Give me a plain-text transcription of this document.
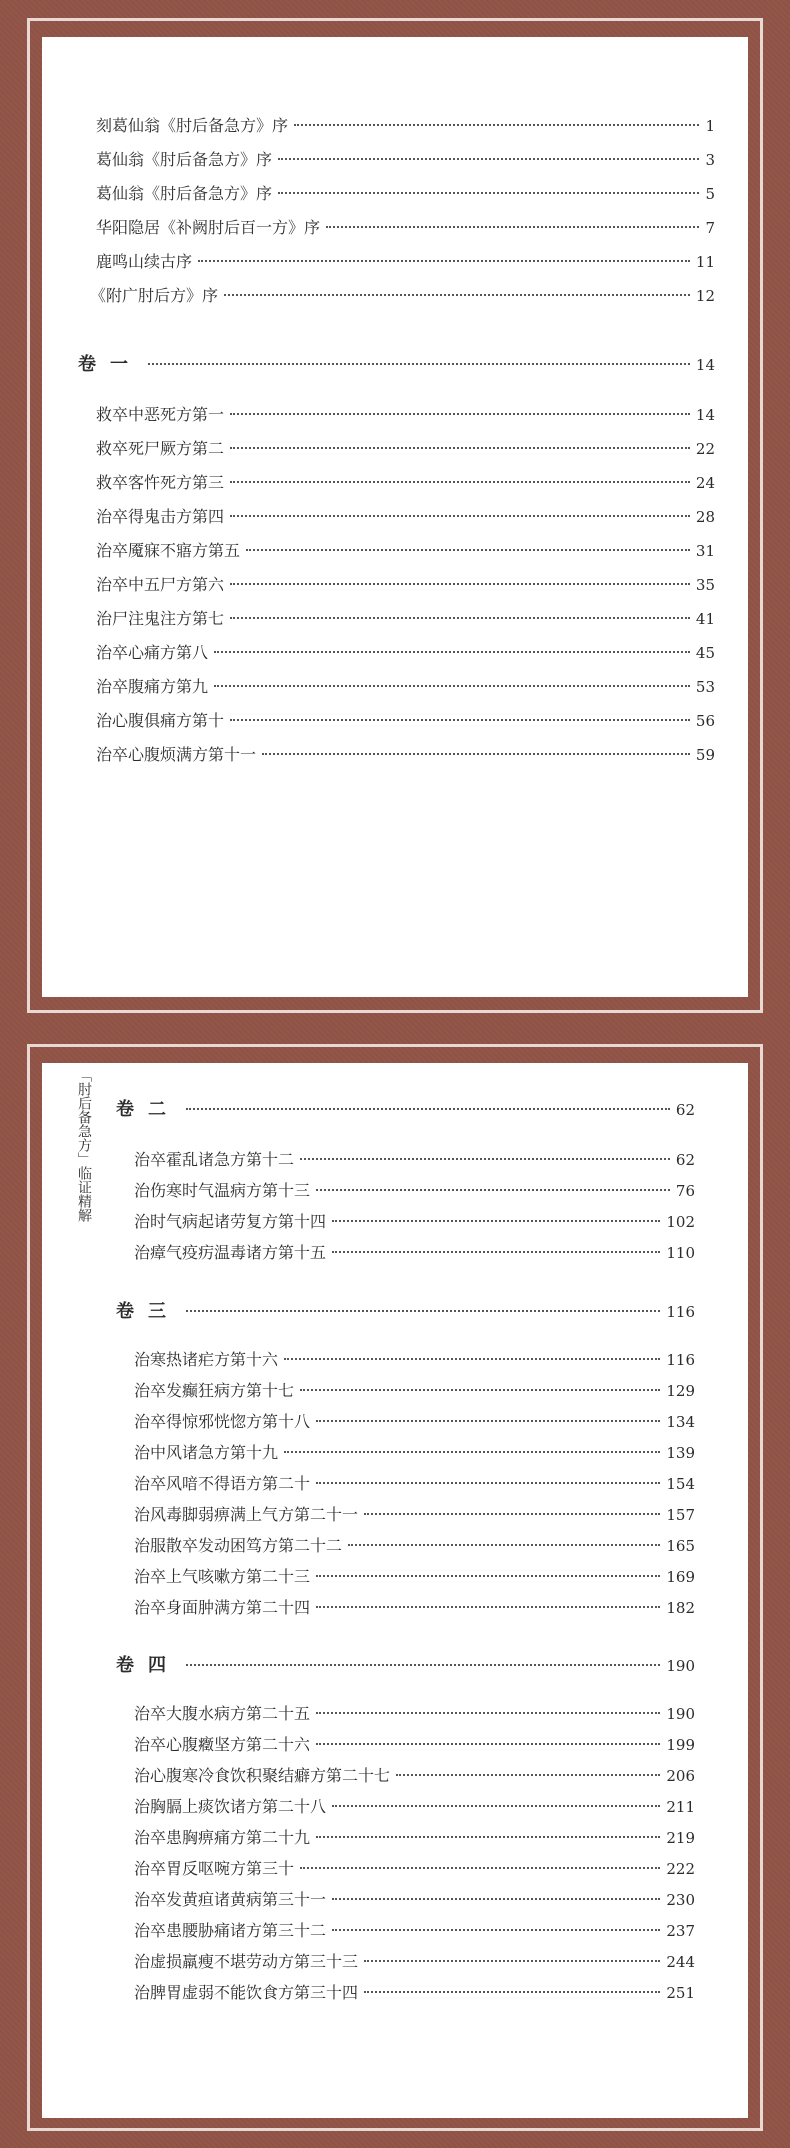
「肘后备急方」临证精解
刻葛仙翁《肘后备急方》序	1
葛仙翁《肘后备急方》序	3
葛仙翁《肘后备急方》序	5
华阳隐居《补阙肘后百一方》序	7
鹿鸣山续古序	11
《附广肘后方》序	12
卷一	14
救卒中恶死方第一	14
救卒死尸厥方第二	22
救卒客忤死方第三	24
治卒得鬼击方第四	28
治卒魇寐不寤方第五	31
治卒中五尸方第六	35
治尸注鬼注方第七	41
治卒心痛方第八	45
治卒腹痛方第九	53
治心腹俱痛方第十	56
治卒心腹烦满方第十一	59
卷二	62
治卒霍乱诸急方第十二	62
治伤寒时气温病方第十三	76
治时气病起诸劳复方第十四	102
治瘴气疫疠温毒诸方第十五	110
卷三	116
治寒热诸疟方第十六	116
治卒发癫狂病方第十七	129
治卒得惊邪恍惚方第十八	134
治中风诸急方第十九	139
治卒风喑不得语方第二十	154
治风毒脚弱痹满上气方第二十一	157
治服散卒发动困笃方第二十二	165
治卒上气咳嗽方第二十三	169
治卒身面肿满方第二十四	182
卷四	190
治卒大腹水病方第二十五	190
治卒心腹癥坚方第二十六	199
治心腹寒冷食饮积聚结癖方第二十七	206
治胸膈上痰饮诸方第二十八	211
治卒患胸痹痛方第二十九	219
治卒胃反呕啘方第三十	222
治卒发黄疸诸黄病第三十一	230
治卒患腰胁痛诸方第三十二	237
治虚损羸瘦不堪劳动方第三十三	244
治脾胃虚弱不能饮食方第三十四	251
